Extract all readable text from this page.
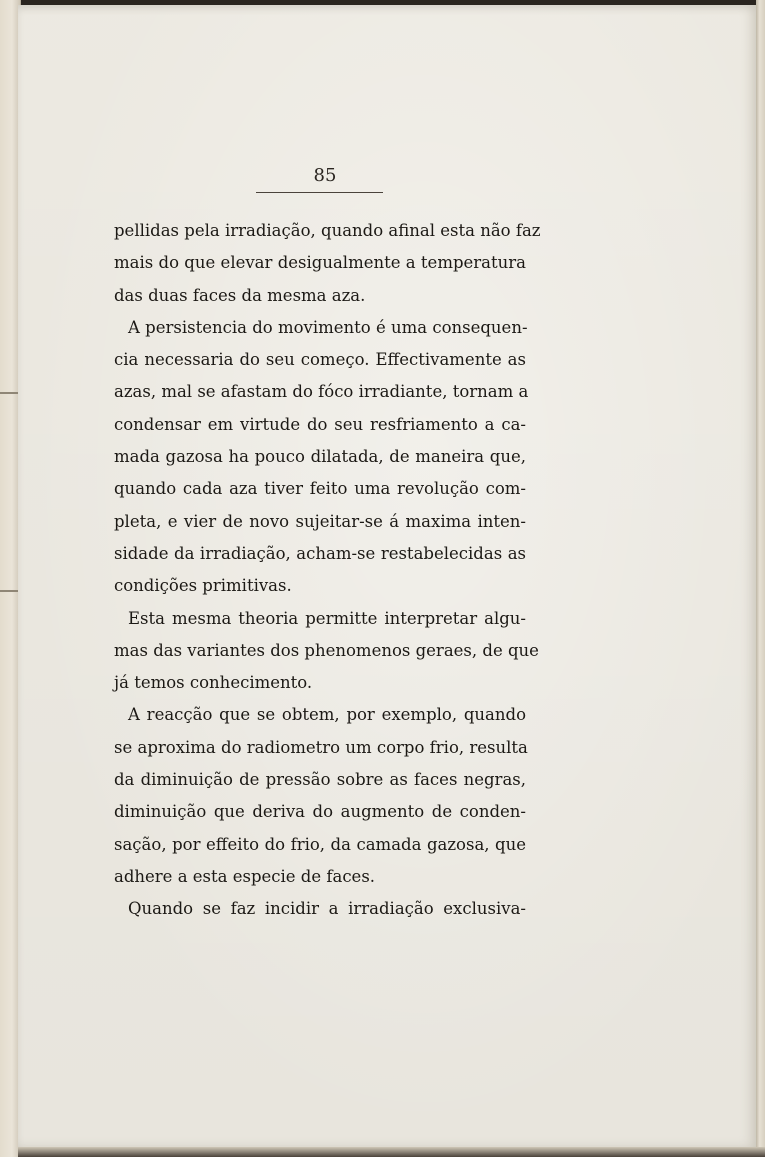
85
pellidas pela irradiação, quando afinal esta não faz
mais do que elevar desigualmente a temperatura
das duas faces da mesma aza.
A persistencia do movimento é uma consequen-
cia necessaria do seu começo. Effectivamente as
azas, mal se afastam do fóco irradiante, tornam a
condensar em virtude do seu resfriamento a ca-
mada gazosa ha pouco dilatada, de maneira que,
quando cada aza tiver feito uma revolução com-
pleta, e vier de novo sujeitar-se á maxima inten-
sidade da irradiação, acham-se restabelecidas as
condições primitivas.
Esta mesma theoria permitte interpretar algu-
mas das variantes dos phenomenos geraes, de que
já temos conhecimento.
A reacção que se obtem, por exemplo, quando
se aproxima do radiometro um corpo frio, resulta
da diminuição de pressão sobre as faces negras,
diminuição que deriva do augmento de conden-
sação, por effeito do frio, da camada gazosa, que
adhere a esta especie de faces.
Quando se faz incidir a irradiação exclusiva-
